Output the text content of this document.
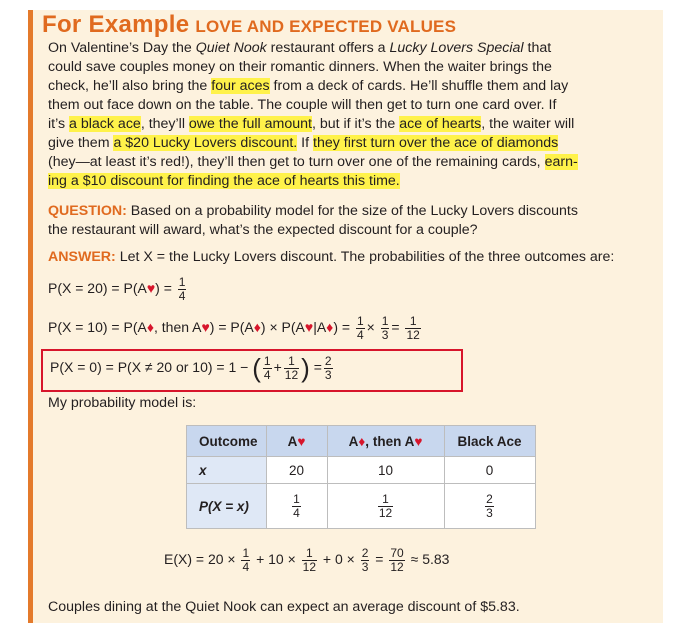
For Example LOVE AND EXPECTED VALUES
On Valentine’s Day the Quiet Nook restaurant offers a Lucky Lovers Special that
could save couples money on their romantic dinners. When the waiter brings the
check, he’ll also bring the four aces from a deck of cards. He’ll shuffle them and lay
them out face down on the table. The couple will then get to turn one card over. If
it’s a black ace, they’ll owe the full amount, but if it’s the ace of hearts, the waiter will
give them a $20 Lucky Lovers discount. If they first turn over the ace of diamonds
(hey—at least it’s red!), they’ll then get to turn over one of the remaining cards, earn-
ing a $10 discount for finding the ace of hearts this time.
QUESTION: Based on a probability model for the size of the Lucky Lovers discounts
the restaurant will award, what’s the expected discount for a couple?
ANSWER: Let X = the Lucky Lovers discount. The probabilities of the three outcomes are:
P(X = 20) = P(A♥) = $\frac{1}{4}$
P(X = 10) = P(A♦, then A♥) = P(A♦) × P(A♥|A♦) = $\frac{1}{4} \times \frac{1}{3} = \frac{1}{12}$
P(X = 0) = P(X ≠ 20 or 10) = 1 − ( $\frac{1}{4} + \frac{1}{12}$ ) = $\frac{2}{3}$
My probability model is:
Outcome	A♥	A♦, then A♥	Black Ace
x	20	10	0
P(X = x)	$\frac{1}{4}$	$\frac{1}{12}$	$\frac{2}{3}$
$E(X) = 20 \times \frac{1}{4} + 10 \times \frac{1}{12} + 0 \times \frac{2}{3} = \frac{70}{12} \approx 5.83$
Couples dining at the Quiet Nook can expect an average discount of $5.83.
